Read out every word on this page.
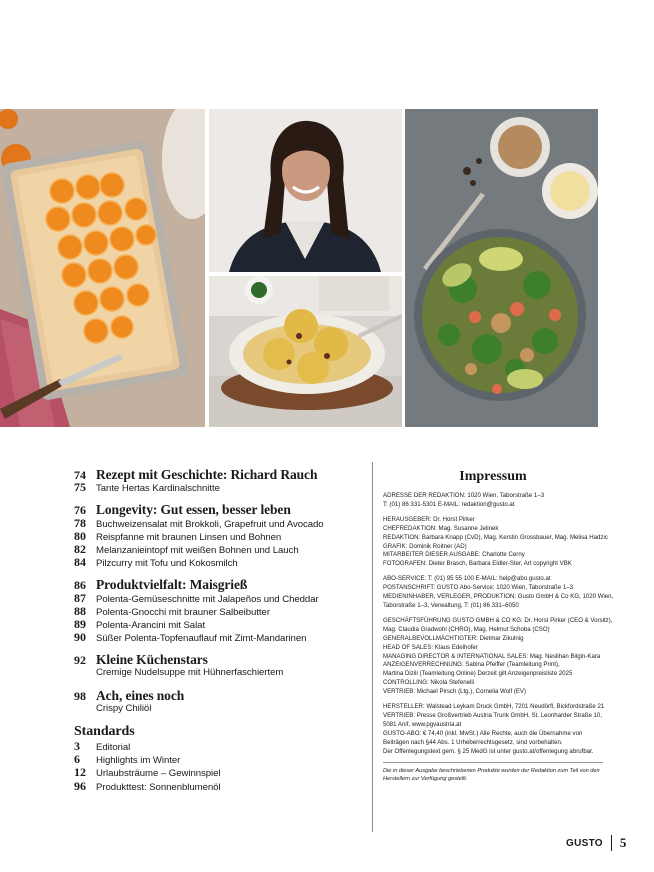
74 Rezept mit Geschichte: Richard Rauch
75	Tante Hertas Kardinalschnitte
76 Longevity: Gut essen, besser leben
78	Buchweizensalat mit Brokkoli, Grapefruit und Avocado
80	Reispfanne mit braunen Linsen und Bohnen
82	Melanzanieintopf mit weißen Bohnen und Lauch
84	Pilzcurry mit Tofu und Kokosmilch
86 Produktvielfalt: Maisgrieß
87	Polenta-Gemüseschnitte mit Jalapeños und Cheddar
88	Polenta-Gnocchi mit brauner Salbeibutter
89	Polenta-Arancini mit Salat
90	Süßer Polenta-Topfenauflauf mit Zimt-Mandarinen
92 Kleine Küchenstars
Cremige Nudelsuppe mit Hühnerfaschiertem
98 Ach, eines noch
Crispy Chiliöl
Standards
3	Editorial
6	Highlights im Winter
12	Urlaubsträume – Gewinnspiel
96	Produkttest: Sonnenblumenöl
Impressum

ADRESSE DER REDAKTION: 1020 Wien, Taborstraße 1–3
T: (01) 86 331-5301 E-MAIL: redaktion@gusto.at

HERAUSGEBER: Dr. Horst Pirker
CHEFREDAKTION: Mag. Susanne Jelinek
REDAKTION: Barbara Knapp (CvD), Mag. Kerstin Grossbauer, Mag. Melisa Hadzic
GRAFIK: Dominik Roitner (AD)
MITARBEITER DIESER AUSGABE: Charlotte Cerny
FOTOGRAFEN: Dieter Brasch, Barbara Eidler-Ster, Art copyright VBK

ABO-SERVICE: T: (01) 95 55 100 E-MAIL: help@abo.gusto.at
POSTANSCHRIFT: GUSTO Abo-Service; 1020 Wien, Taborstraße 1–3
MEDIENINHABER, VERLEGER, PRODUKTION: Gusto GmbH & Co KG, 1020 Wien,
Taborstraße 1–3, Verwaltung, T: (01) 86 331–6050

GESCHÄFTSFÜHRUNG GUSTO GMBH & CO KG: Dr. Horst Pirker (CEO & Vorsitz),
Mag. Claudia Gradwohl (CHRO), Mag. Helmut Schoba (CSO)
GENERALBEVOLLMÄCHTIGTER: Dietmar Zikulnig
HEAD OF SALES: Klaus Edelhofer
MANAGING DIRECTOR & INTERNATIONAL SALES: Mag. Neslihan Bilgin-Kara
ANZEIGENVERRECHNUNG: Sabina Pfeiffer (Teamleitung Print),
Martina Dizili (Teamleitung Online) Derzeit gilt Anzeigenpreisliste 2025
CONTROLLING: Nikola Stefenelli
VERTRIEB: Michael Pirsch (Ltg.), Cornelia Wolf (EV)

HERSTELLER: Walstead Leykam Druck GmbH, 7201 Neudörfl, Bickfordstraße 21
VERTRIEB: Presse Großvertrieb Austria Trunk GmbH, St. Leonharder Straße 10,
5081 Anif, www.pgvaustria.at
GUSTO-ABO: € 74,40 (inkl. MwSt.) Alle Rechte, auch die Übernahme von
Beiträgen nach §44 Abs. 1 Urheberrechtsgesetz, sind vorbehalten.
Der Offenlegungstext gem. § 25 MedG ist unter gusto.at/offenlegung abrufbar.

Die in dieser Ausgabe beschriebenen Produkte wurden der Redaktion zum Teil von den
Herstellern zur Verfügung gestellt.
GUSTO 5
